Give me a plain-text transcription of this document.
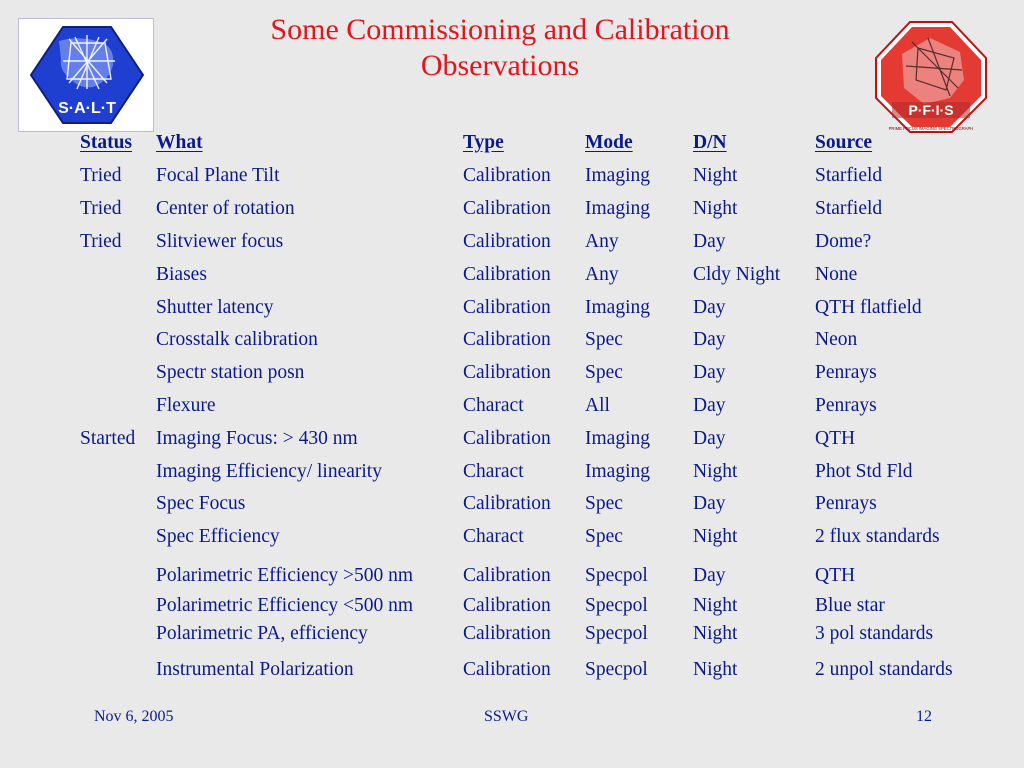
S·A·L·T	P·F·I·S
PRIME FOCUS IMAGING SPECTROGRAPH
Some Commissioning and Calibration
Observations
Status	What	Type	Mode	D/N	Source
Tried	Focal Plane Tilt	Calibration	Imaging	Night	Starfield
Tried	Center of rotation	Calibration	Imaging	Night	Starfield
Tried	Slitviewer focus	Calibration	Any	Day	Dome?
	Biases	Calibration	Any	Cldy Night	None
	Shutter latency	Calibration	Imaging	Day	QTH flatfield
	Crosstalk calibration	Calibration	Spec	Day	Neon
	Spectr station posn	Calibration	Spec	Day	Penrays
	Flexure	Charact	All	Day	Penrays
Started	Imaging Focus: > 430 nm	Calibration	Imaging	Day	QTH
	Imaging Efficiency/ linearity	Charact	Imaging	Night	Phot Std Fld
	Spec Focus	Calibration	Spec	Day	Penrays
	Spec Efficiency	Charact	Spec	Night	2 flux standards
	Polarimetric Efficiency >500 nm	Calibration	Specpol	Day	QTH
	Polarimetric Efficiency <500 nm	Calibration	Specpol	Night	Blue star
	Polarimetric PA, efficiency	Calibration	Specpol	Night	3 pol standards
	Instrumental Polarization	Calibration	Specpol	Night	2 unpol standards
Nov 6, 2005	SSWG	12
